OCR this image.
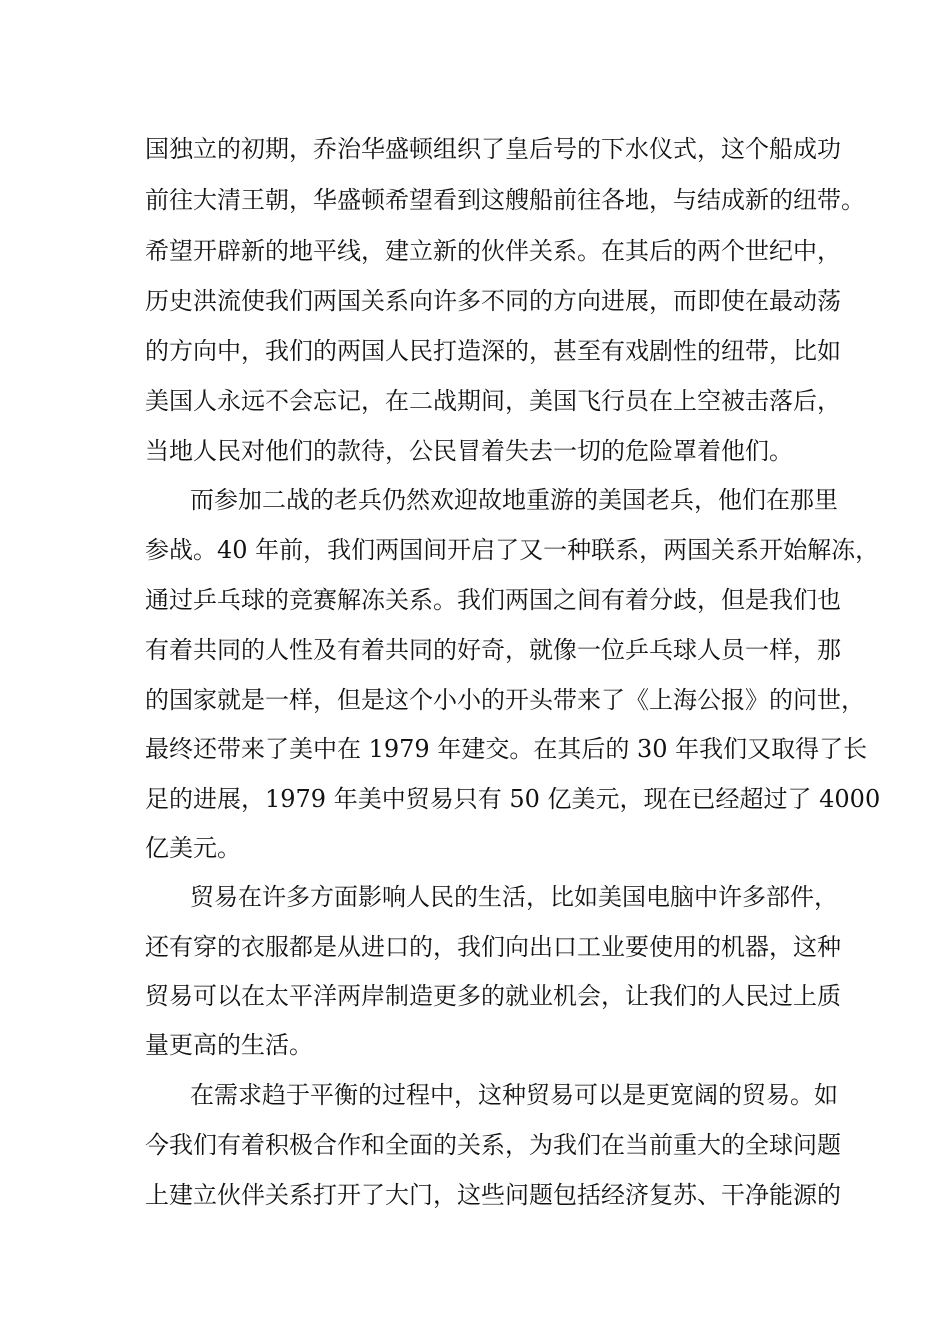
国独立的初期，乔治华盛顿组织了皇后号的下水仪式，这个船成功
前往大清王朝，华盛顿希望看到这艘船前往各地，与结成新的纽带。
希望开辟新的地平线，建立新的伙伴关系。在其后的两个世纪中，
历史洪流使我们两国关系向许多不同的方向进展，而即使在最动荡
的方向中，我们的两国人民打造深的，甚至有戏剧性的纽带，比如
美国人永远不会忘记，在二战期间，美国飞行员在上空被击落后，
当地人民对他们的款待，公民冒着失去一切的危险罩着他们。
而参加二战的老兵仍然欢迎故地重游的美国老兵，他们在那里
参战。40 年前，我们两国间开启了又一种联系，两国关系开始解冻，
通过乒乓球的竞赛解冻关系。我们两国之间有着分歧，但是我们也
有着共同的人性及有着共同的好奇，就像一位乒乓球人员一样，那
的国家就是一样，但是这个小小的开头带来了《上海公报》的问世，
最终还带来了美中在 1979 年建交。在其后的 30 年我们又取得了长
足的进展，1979 年美中贸易只有 50 亿美元，现在已经超过了 4000
亿美元。
贸易在许多方面影响人民的生活，比如美国电脑中许多部件，
还有穿的衣服都是从进口的，我们向出口工业要使用的机器，这种
贸易可以在太平洋两岸制造更多的就业机会，让我们的人民过上质
量更高的生活。
在需求趋于平衡的过程中，这种贸易可以是更宽阔的贸易。如
今我们有着积极合作和全面的关系，为我们在当前重大的全球问题
上建立伙伴关系打开了大门，这些问题包括经济复苏、干净能源的
